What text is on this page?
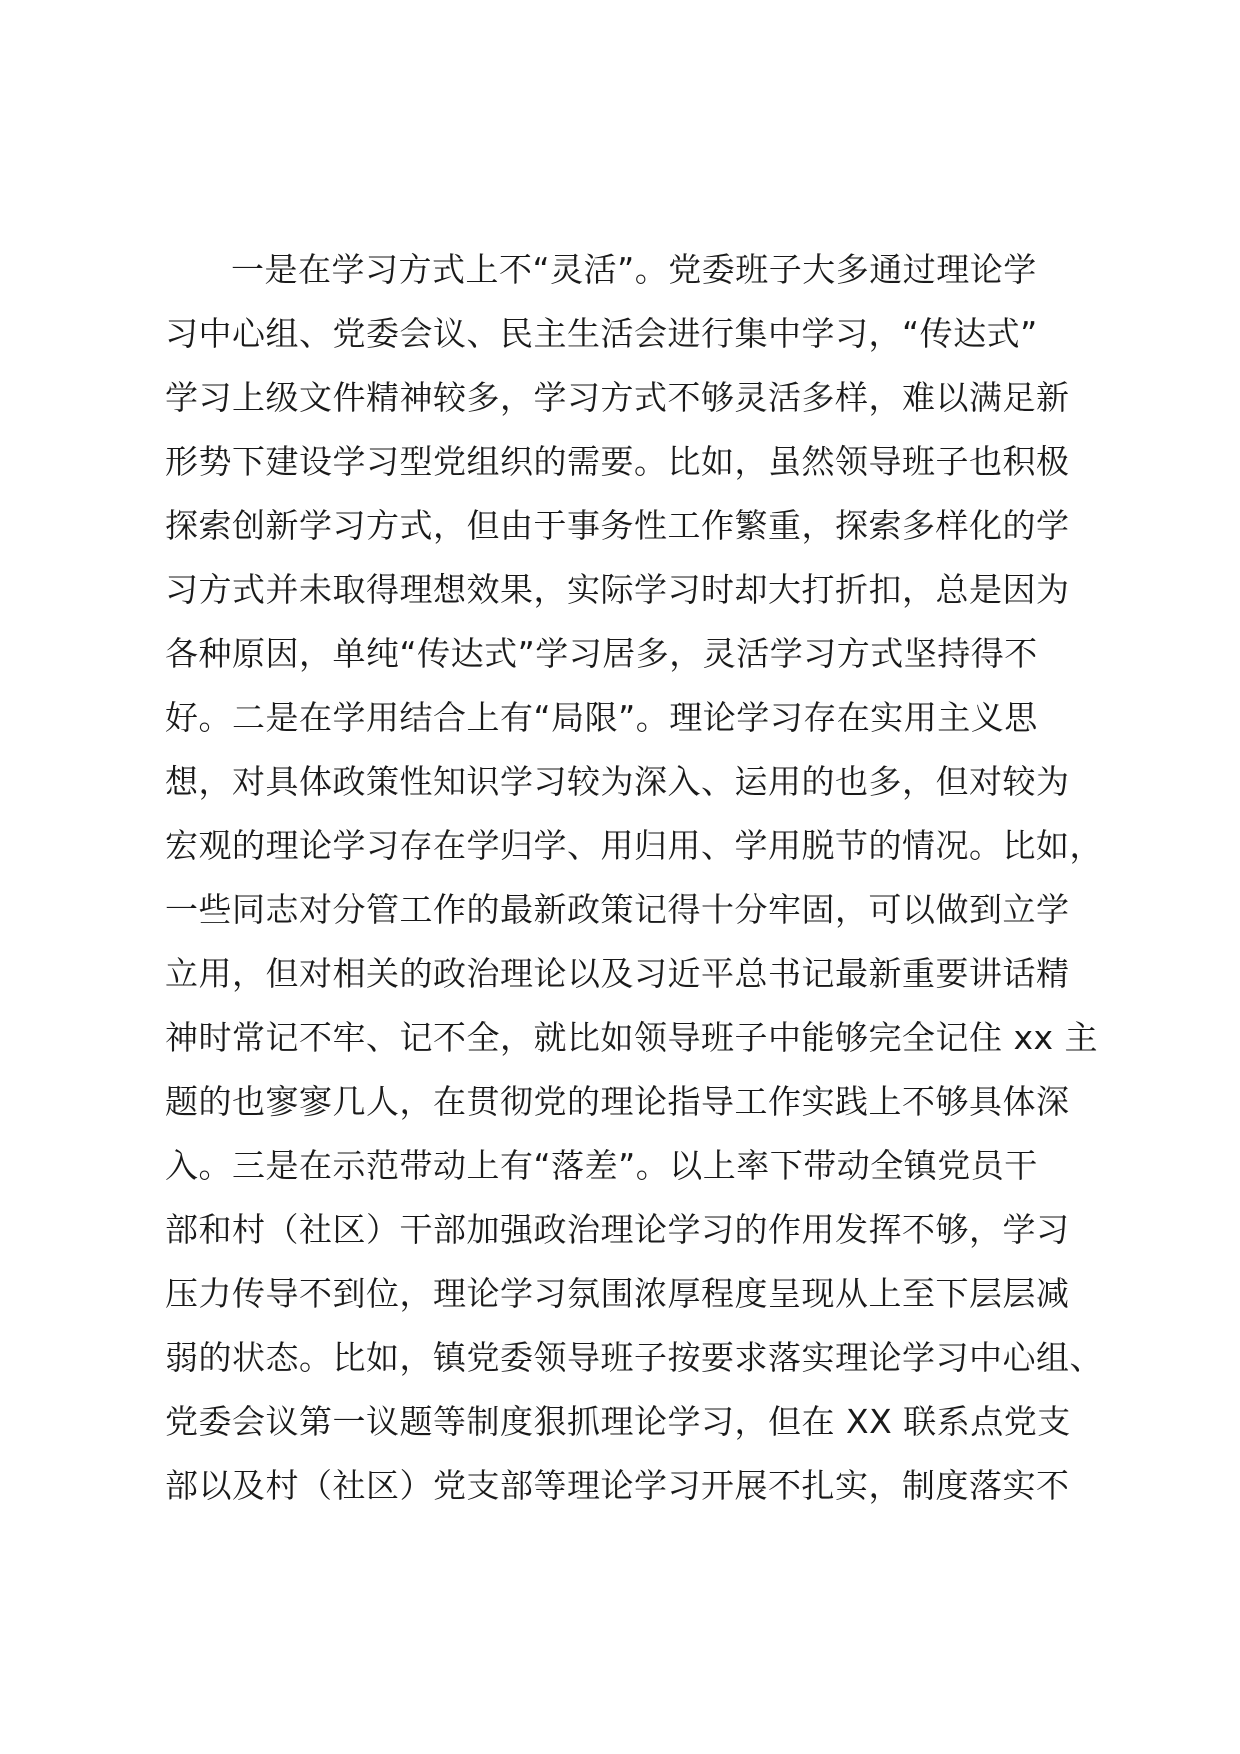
一是在学习方式上不“灵活”。党委班子大多通过理论学
习中心组、党委会议、民主生活会进行集中学习，“传达式”
学习上级文件精神较多，学习方式不够灵活多样，难以满足新
形势下建设学习型党组织的需要。比如，虽然领导班子也积极
探索创新学习方式，但由于事务性工作繁重，探索多样化的学
习方式并未取得理想效果，实际学习时却大打折扣，总是因为
各种原因，单纯“传达式”学习居多，灵活学习方式坚持得不
好。二是在学用结合上有“局限”。理论学习存在实用主义思
想，对具体政策性知识学习较为深入、运用的也多，但对较为
宏观的理论学习存在学归学、用归用、学用脱节的情况。比如，
一些同志对分管工作的最新政策记得十分牢固，可以做到立学
立用，但对相关的政治理论以及习近平总书记最新重要讲话精
神时常记不牢、记不全，就比如领导班子中能够完全记住 xx 主
题的也寥寥几人，在贯彻党的理论指导工作实践上不够具体深
入。三是在示范带动上有“落差”。以上率下带动全镇党员干
部和村（社区）干部加强政治理论学习的作用发挥不够，学习
压力传导不到位，理论学习氛围浓厚程度呈现从上至下层层减
弱的状态。比如，镇党委领导班子按要求落实理论学习中心组、
党委会议第一议题等制度狠抓理论学习，但在 XX 联系点党支
部以及村（社区）党支部等理论学习开展不扎实，制度落实不
